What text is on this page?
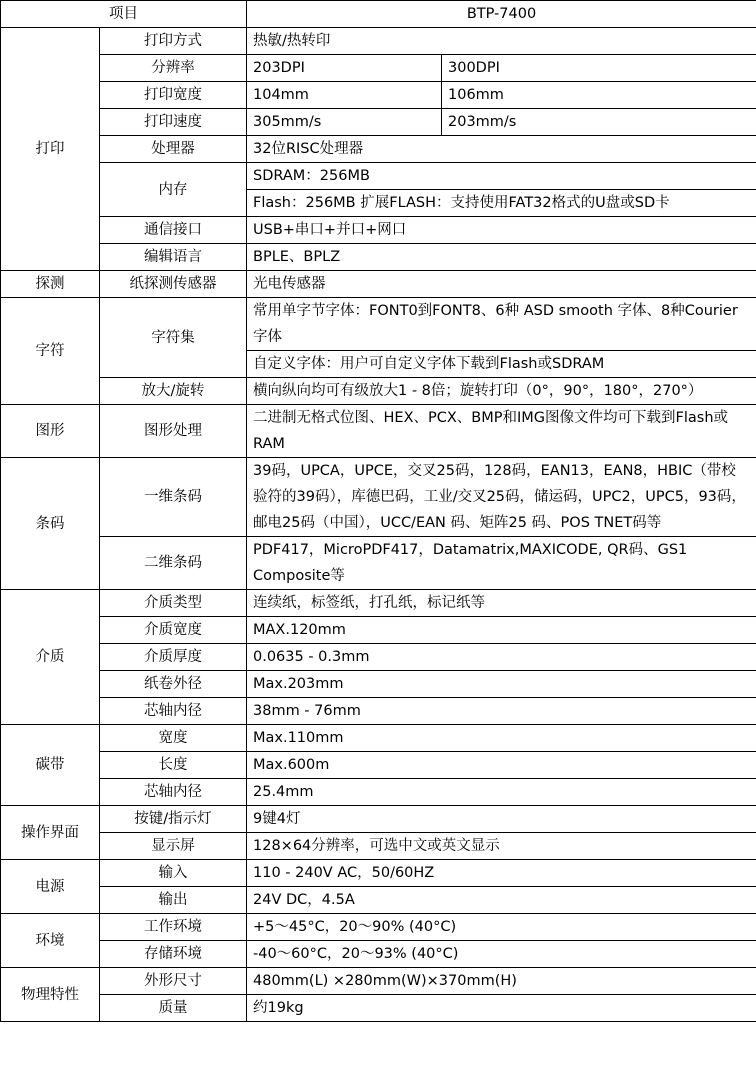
项目		BTP-7400	
打印	打印方式	热敏/热转印	
	分辨率	203DPI	300DPI
	打印宽度	104mm	106mm
	打印速度	305mm/s	203mm/s
	处理器	32位RISC处理器	
	内存	SDRAM：256MB	
		Flash：256MB 扩展FLASH：支持使用FAT32格式的U盘或SD卡	
	通信接口	USB+串口+并口+网口	
	编辑语言	BPLE、BPLZ	
探测	纸探测传感器	光电传感器	
字符	字符集	常用单字节字体：FONT0到FONT8、6种 ASD smooth 字体、8种Courier字体	
		自定义字体：用户可自定义字体下载到Flash或SDRAM	
	放大/旋转	横向纵向均可有级放大1 - 8倍；旋转打印（0°，90°，180°，270°）	
图形	图形处理	二进制无格式位图、HEX、PCX、BMP和IMG图像文件均可下载到Flash或RAM	
条码	一维条码	39码，UPCA，UPCE，交叉25码，128码，EAN13，EAN8，HBIC（带校验符的39码），库德巴码，工业/交叉25码，储运码，UPC2，UPC5，93码，邮电25码（中国），UCC/EAN 码、矩阵25 码、POS TNET码等	
	二维条码	PDF417，MicroPDF417，Datamatrix,MAXICODE, QR码、GS1 Composite等	
介质	介质类型	连续纸，标签纸，打孔纸，标记纸等	
	介质宽度	MAX.120mm	
	介质厚度	0.0635 - 0.3mm	
	纸卷外径	Max.203mm	
	芯轴内径	38mm - 76mm	
碳带	宽度	Max.110mm	
	长度	Max.600m	
	芯轴内径	25.4mm	
操作界面	按键/指示灯	9键4灯	
	显示屏	128×64分辨率，可选中文或英文显示	
电源	输入	110 - 240V AC，50/60HZ	
	输出	24V DC，4.5A	
环境	工作环境	+5～45°C，20～90% (40°C)	
	存储环境	-40～60°C，20～93% (40°C)	
物理特性	外形尺寸	480mm(L) ×280mm(W)×370mm(H)	
	质量	约19kg	
